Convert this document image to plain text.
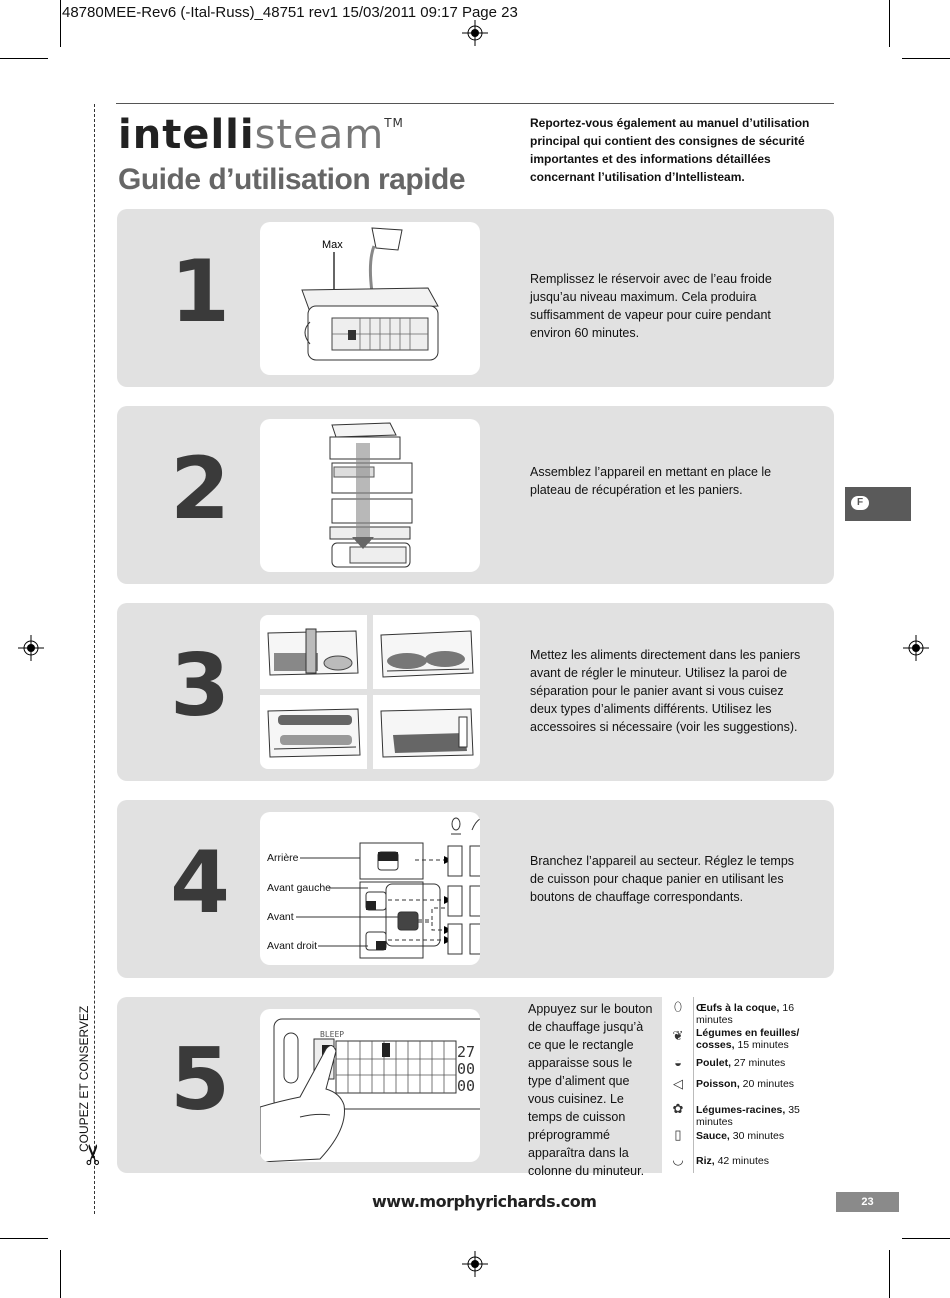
48780MEE-Rev6 (-Ital-Russ)_48751 rev1 15/03/2011 09:17 Page 23
intellisteam™
Guide d’utilisation rapide
Reportez-vous également au manuel d’utilisation principal qui contient des consignes de sécurité importantes et des informations détaillées concernant l’utilisation d’Intellisteam.
COUPEZ ET CONSERVEZ
✂
F
1	Max
Remplissez le réservoir avec de l’eau froide jusqu’au niveau maximum. Cela produira suffisamment de vapeur pour cuire pendant environ 60 minutes.
2	Assemblez l’appareil en mettant en place le plateau de récupération et les paniers.
3	Mettez les aliments directement dans les paniers avant de régler le minuteur. Utilisez la paroi de séparation pour le panier avant si vous cuisez deux types d’aliments différents. Utilisez les accessoires si nécessaire (voir les suggestions).
4	Arrière
Avant gauche
Avant
Avant droit
Branchez l’appareil au secteur. Réglez le temps de cuisson pour chaque panier en utilisant les boutons de chauffage correspondants.
5	BLEEP
27
00
00
Appuyez sur le bouton de chauffage jusqu’à ce que le rectangle apparaisse sous le type d’aliment que vous cuisinez. Le temps de cuisson préprogrammé apparaîtra dans la colonne du minuteur.
⬯	Œufs à la coque, 16 minutes
❦	Légumes en feuilles/ cosses, 15 minutes
◒	Poulet, 27 minutes
◁	Poisson, 20 minutes
✿	Légumes-racines, 35 minutes
▯	Sauce, 30 minutes
◡	Riz, 42 minutes
www.morphyrichards.com	23
